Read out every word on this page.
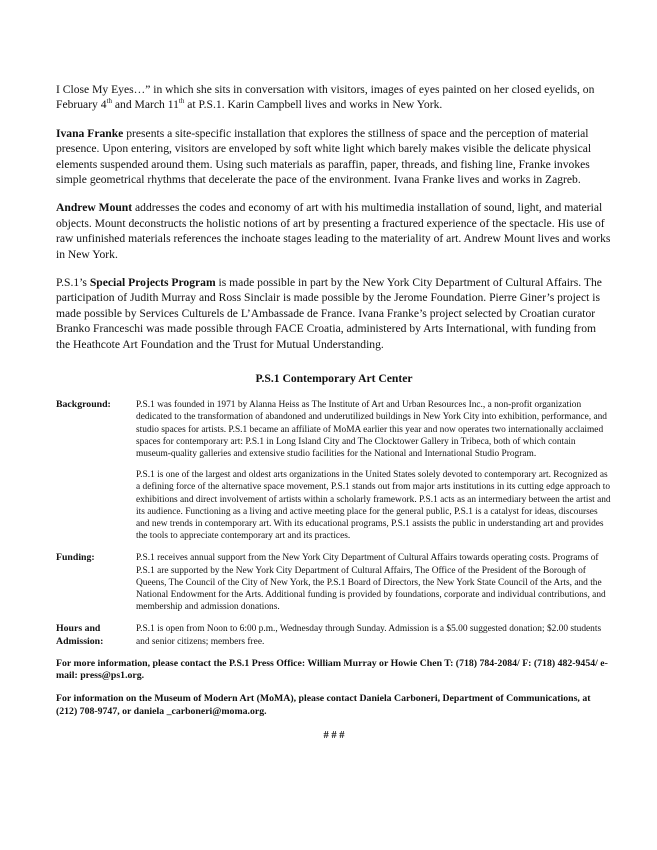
I Close My Eyes…” in which she sits in conversation with visitors, images of eyes painted on her closed eyelids, on February 4th and March 11th at P.S.1. Karin Campbell lives and works in New York.

Ivana Franke presents a site-specific installation that explores the stillness of space and the perception of material presence. Upon entering, visitors are enveloped by soft white light which barely makes visible the delicate physical elements suspended around them. Using such materials as paraffin, paper, threads, and fishing line, Franke invokes simple geometrical rhythms that decelerate the pace of the environment. Ivana Franke lives and works in Zagreb.

Andrew Mount addresses the codes and economy of art with his multimedia installation of sound, light, and material objects. Mount deconstructs the holistic notions of art by presenting a fractured experience of the spectacle. His use of raw unfinished materials references the inchoate stages leading to the materiality of art. Andrew Mount lives and works in New York.

P.S.1’s Special Projects Program is made possible in part by the New York City Department of Cultural Affairs. The participation of Judith Murray and Ross Sinclair is made possible by the Jerome Foundation. Pierre Giner’s project is made possible by Services Culturels de L’Ambassade de France. Ivana Franke’s project selected by Croatian curator Branko Franceschi was made possible through FACE Croatia, administered by Arts International, with funding from the Heathcote Art Foundation and the Trust for Mutual Understanding.

P.S.1 Contemporary Art Center
Background:	P.S.1 was founded in 1971 by Alanna Heiss as The Institute of Art and Urban Resources Inc., a non-profit organization dedicated to the transformation of abandoned and underutilized buildings in New York City into exhibition, performance, and studio spaces for artists. P.S.1 became an affiliate of MoMA earlier this year and now operates two internationally acclaimed spaces for contemporary art: P.S.1 in Long Island City and The Clocktower Gallery in Tribeca, both of which contain museum-quality galleries and extensive studio facilities for the National and International Studio Program.

P.S.1 is one of the largest and oldest arts organizations in the United States solely devoted to contemporary art. Recognized as a defining force of the alternative space movement, P.S.1 stands out from major arts institutions in its cutting edge approach to exhibitions and direct involvement of artists within a scholarly framework. P.S.1 acts as an intermediary between the artist and its audience. Functioning as a living and active meeting place for the general public, P.S.1 is a catalyst for ideas, discourses and new trends in contemporary art. With its educational programs, P.S.1 assists the public in understanding art and provides the tools to appreciate contemporary art and its practices.

Funding:	P.S.1 receives annual support from the New York City Department of Cultural Affairs towards operating costs. Programs of P.S.1 are supported by the New York City Department of Cultural Affairs, The Office of the President of the Borough of Queens, The Council of the City of New York, the P.S.1 Board of Directors, the New York State Council of the Arts, and the National Endowment for the Arts. Additional funding is provided by foundations, corporate and individual contributions, and membership and admission donations.

Hours and
Admission:

P.S.1 is open from Noon to 6:00 p.m., Wednesday through Sunday. Admission is a $5.00 suggested donation; $2.00 students and senior citizens; members free.

For more information, please contact the P.S.1 Press Office: William Murray or Howie Chen T: (718) 784-2084/ F: (718) 482-9454/ e-mail: press@ps1.org.

For information on the Museum of Modern Art (MoMA), please contact Daniela Carboneri, Department of Communications, at (212) 708-9747, or daniela _carboneri@moma.org.

# # #
